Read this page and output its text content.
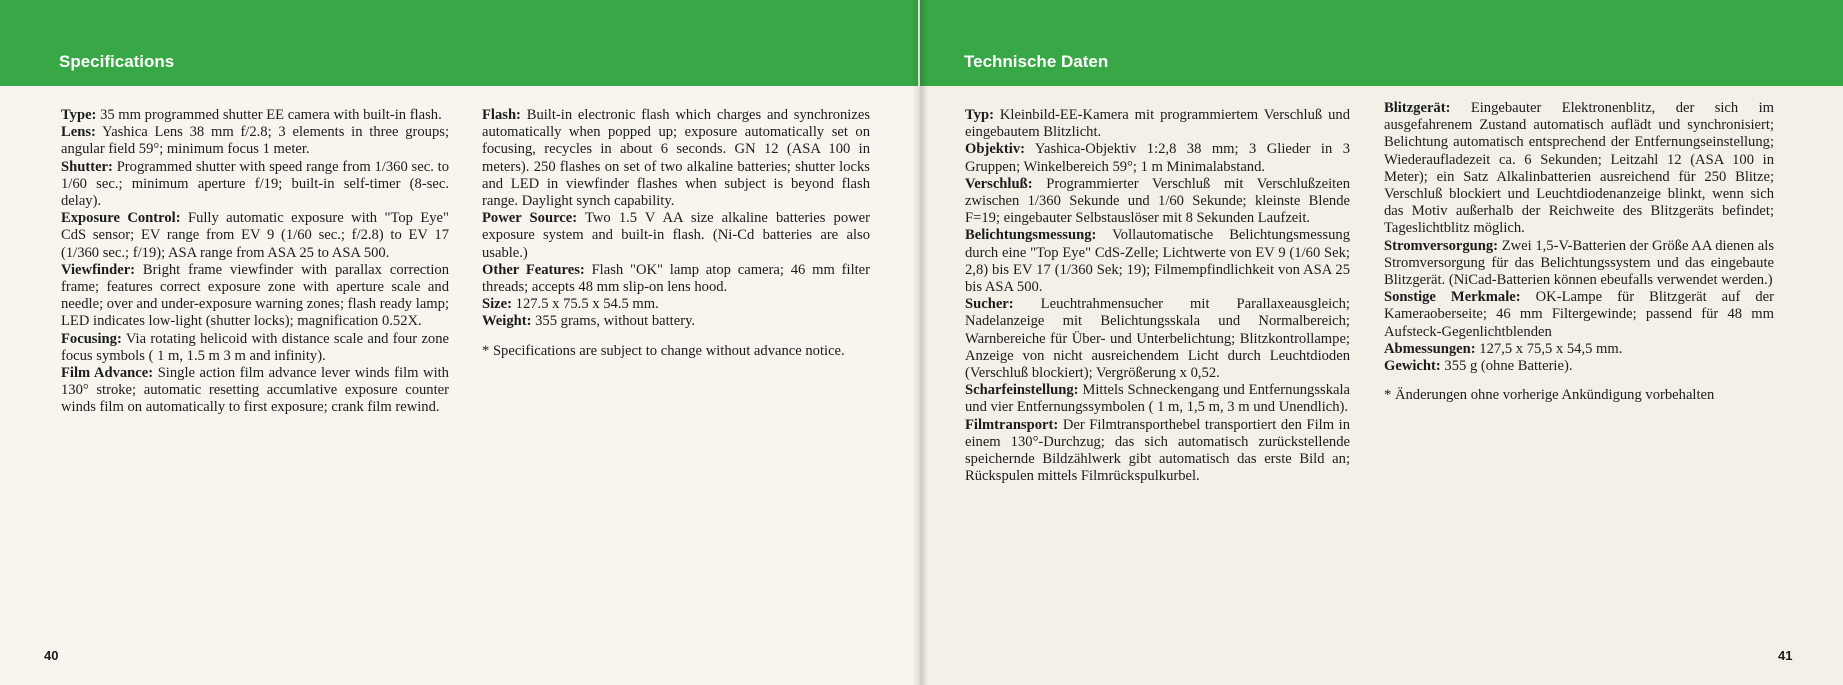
Specifications

Type: 35 mm programmed shutter EE camera with built-in flash.

Lens: Yashica Lens 38 mm f/2.8; 3 elements in three groups; angular field 59°; minimum focus 1 meter.

Shutter: Programmed shutter with speed range from 1/360 sec. to 1/60 sec.; minimum aperture f/19; built-in self-timer (8-sec. delay).

Exposure Control: Fully automatic exposure with "Top Eye" CdS sensor; EV range from EV 9 (1/60 sec.; f/2.8) to EV 17 (1/360 sec.; f/19); ASA range from ASA 25 to ASA 500.

Viewfinder: Bright frame viewfinder with parallax correction frame; features correct exposure zone with aperture scale and needle; over and under-exposure warning zones; flash ready lamp; LED indicates low-light (shutter locks); magnification 0.52X.

Focusing: Via rotating helicoid with distance scale and four zone focus symbols ( 1 m, 1.5 m 3 m and infinity).

Film Advance: Single action film advance lever winds film with 130° stroke; automatic resetting accumlative exposure counter winds film on automatically to first exposure; crank film rewind.

Flash: Built-in electronic flash which charges and synchronizes automatically when popped up; exposure automatically set on focusing, recycles in about 6 seconds. GN 12 (ASA 100 in meters). 250 flashes on set of two alkaline batteries; shutter locks and LED in viewfinder flashes when subject is beyond flash range. Daylight synch capability.

Power Source: Two 1.5 V AA size alkaline batteries power exposure system and built-in flash. (Ni-Cd batteries are also usable.)

Other Features: Flash "OK" lamp atop camera; 46 mm filter threads; accepts 48 mm slip-on lens hood.

Size: 127.5 x 75.5 x 54.5 mm.

Weight: 355 grams, without battery.

* Specifications are subject to change without advance notice.

40
Technische Daten

Typ: Kleinbild-EE-Kamera mit programmiertem Verschluß und eingebautem Blitzlicht.

Objektiv: Yashica-Objektiv 1:2,8 38 mm; 3 Glieder in 3 Gruppen; Winkelbereich 59°; 1 m Minimalabstand.

Verschluß: Programmierter Verschluß mit Verschlußzeiten zwischen 1/360 Sekunde und 1/60 Sekunde; kleinste Blende F=19; eingebauter Selbstauslöser mit 8 Sekunden Laufzeit.

Belichtungsmessung: Vollautomatische Belichtungsmessung durch eine "Top Eye" CdS-Zelle; Lichtwerte von EV 9 (1/60 Sek; 2,8) bis EV 17 (1/360 Sek; 19); Filmempfindlichkeit von ASA 25 bis ASA 500.

Sucher: Leuchtrahmensucher mit Parallaxeausgleich; Nadelanzeige mit Belichtungsskala und Normalbereich; Warnbereiche für Über- und Unterbelichtung; Blitzkontrollampe; Anzeige von nicht ausreichendem Licht durch Leuchtdioden (Verschluß blockiert); Vergrößerung x 0,52.

Scharfeinstellung: Mittels Schneckengang und Entfernungsskala und vier Entfernungssymbolen ( 1 m, 1,5 m, 3 m und Unendlich).

Filmtransport: Der Filmtransporthebel transportiert den Film in einem 130°-Durchzug; das sich automatisch zurückstellende speichernde Bildzählwerk gibt automatisch das erste Bild an; Rückspulen mittels Filmrückspulkurbel.

Blitzgerät: Eingebauter Elektronenblitz, der sich im ausgefahrenem Zustand automatisch auflädt und synchronisiert; Belichtung automatisch entsprechend der Entfernungseinstellung; Wiederaufladezeit ca. 6 Sekunden; Leitzahl 12 (ASA 100 in Meter); ein Satz Alkalinbatterien ausreichend für 250 Blitze; Verschluß blockiert und Leuchtdiodenanzeige blinkt, wenn sich das Motiv außerhalb der Reichweite des Blitzgeräts befindet; Tageslichtblitz möglich.

Stromversorgung: Zwei 1,5-V-Batterien der Größe AA dienen als Stromversorgung für das Belichtungssystem und das eingebaute Blitzgerät. (NiCad-Batterien können ebeufalls verwendet werden.)

Sonstige Merkmale: OK-Lampe für Blitzgerät auf der Kameraoberseite; 46 mm Filtergewinde; passend für 48 mm Aufsteck-Gegenlichtblenden

Abmessungen: 127,5 x 75,5 x 54,5 mm.

Gewicht: 355 g (ohne Batterie).

* Änderungen ohne vorherige Ankündigung vorbehalten

41
